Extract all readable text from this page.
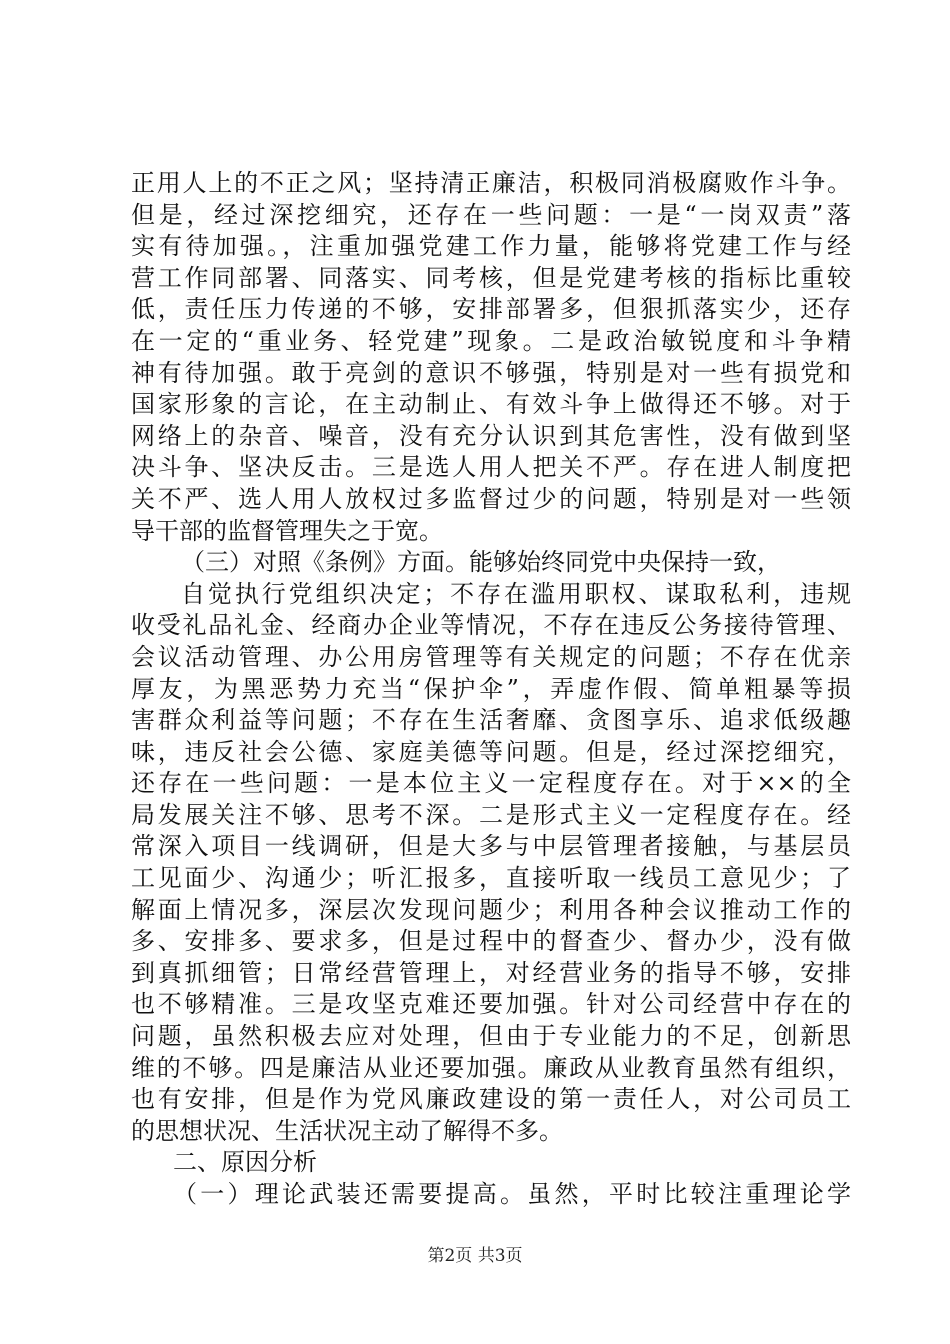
正用人上的不正之风；坚持清正廉洁，积极同消极腐败作斗争。
但是，经过深挖细究，还存在一些问题：一是“一岗双责”落
实有待加强。，注重加强党建工作力量，能够将党建工作与经
营工作同部署、同落实、同考核，但是党建考核的指标比重较
低，责任压力传递的不够，安排部署多，但狠抓落实少，还存
在一定的“重业务、轻党建”现象。二是政治敏锐度和斗争精
神有待加强。敢于亮剑的意识不够强，特别是对一些有损党和
国家形象的言论，在主动制止、有效斗争上做得还不够。对于
网络上的杂音、噪音，没有充分认识到其危害性，没有做到坚
决斗争、坚决反击。三是选人用人把关不严。存在进人制度把
关不严、选人用人放权过多监督过少的问题，特别是对一些领
导干部的监督管理失之于宽。
（三）对照《条例》方面。能够始终同党中央保持一致，
自觉执行党组织决定；不存在滥用职权、谋取私利，违规
收受礼品礼金、经商办企业等情况，不存在违反公务接待管理、
会议活动管理、办公用房管理等有关规定的问题；不存在优亲
厚友，为黑恶势力充当“保护伞”，弄虚作假、简单粗暴等损
害群众利益等问题；不存在生活奢靡、贪图享乐、追求低级趣
味，违反社会公德、家庭美德等问题。但是，经过深挖细究，
还存在一些问题：一是本位主义一定程度存在。对于××的全
局发展关注不够、思考不深。二是形式主义一定程度存在。经
常深入项目一线调研，但是大多与中层管理者接触，与基层员
工见面少、沟通少；听汇报多，直接听取一线员工意见少；了
解面上情况多，深层次发现问题少；利用各种会议推动工作的
多、安排多、要求多，但是过程中的督查少、督办少，没有做
到真抓细管；日常经营管理上，对经营业务的指导不够，安排
也不够精准。三是攻坚克难还要加强。针对公司经营中存在的
问题，虽然积极去应对处理，但由于专业能力的不足，创新思
维的不够。四是廉洁从业还要加强。廉政从业教育虽然有组织，
也有安排，但是作为党风廉政建设的第一责任人，对公司员工
的思想状况、生活状况主动了解得不多。
二、原因分析
（一）理论武装还需要提高。虽然，平时比较注重理论学
第2页 共3页
